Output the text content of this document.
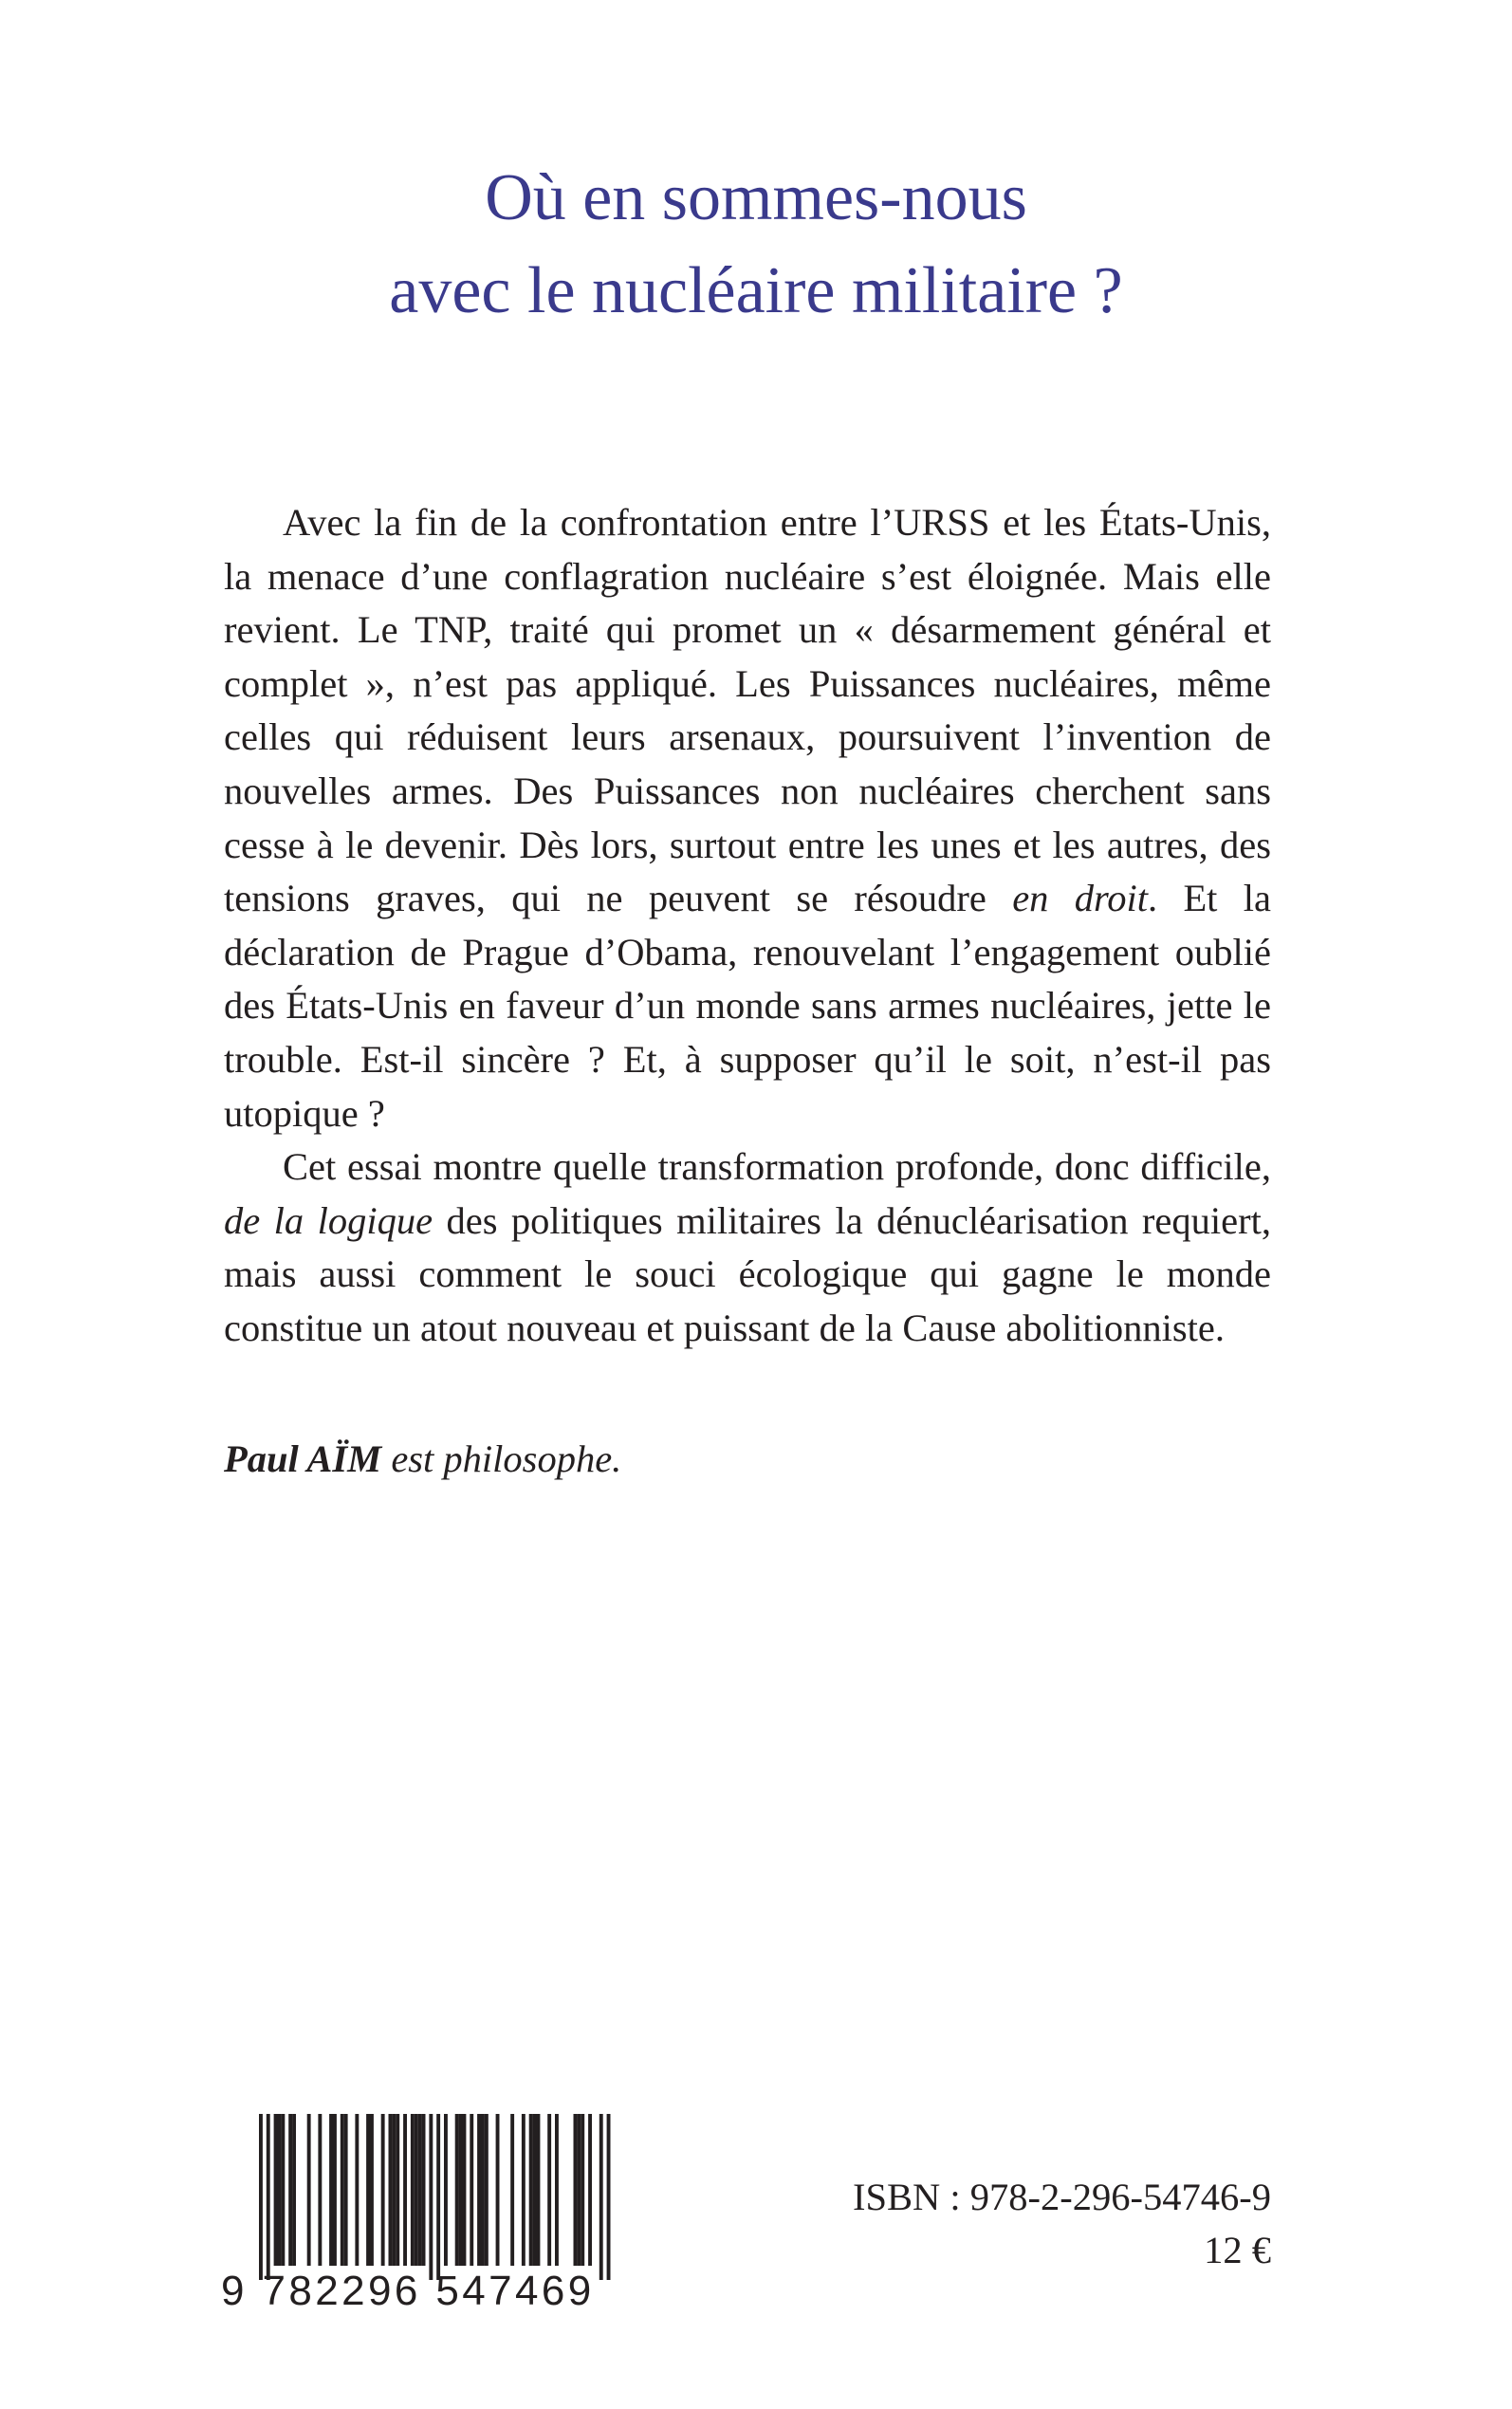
Où en sommes-nous
avec le nucléaire militaire ?

Avec la fin de la confrontation entre l’URSS et les États-Unis, la menace d’une conflagration nucléaire s’est éloignée. Mais elle revient. Le TNP, traité qui promet un « désarmement général et complet », n’est pas appliqué. Les Puissances nucléaires, même celles qui réduisent leurs arsenaux, poursuivent l’invention de nouvelles armes. Des Puissances non nucléaires cherchent sans cesse à le devenir. Dès lors, surtout entre les unes et les autres, des tensions graves, qui ne peuvent se résoudre en droit. Et la déclaration de Prague d’Obama, renouvelant l’engagement oublié des États-Unis en faveur d’un monde sans armes nucléaires, jette le trouble. Est-il sincère ? Et, à supposer qu’il le soit, n’est-il pas utopique ?

Cet essai montre quelle transformation profonde, donc difficile, de la logique des politiques militaires la dénucléarisation requiert, mais aussi comment le souci écologique qui gagne le monde constitue un atout nouveau et puissant de la Cause abolitionniste.

Paul AÏM est philosophe.
9 782296 547469
ISBN : 978-2-296-54746-9
12 €
